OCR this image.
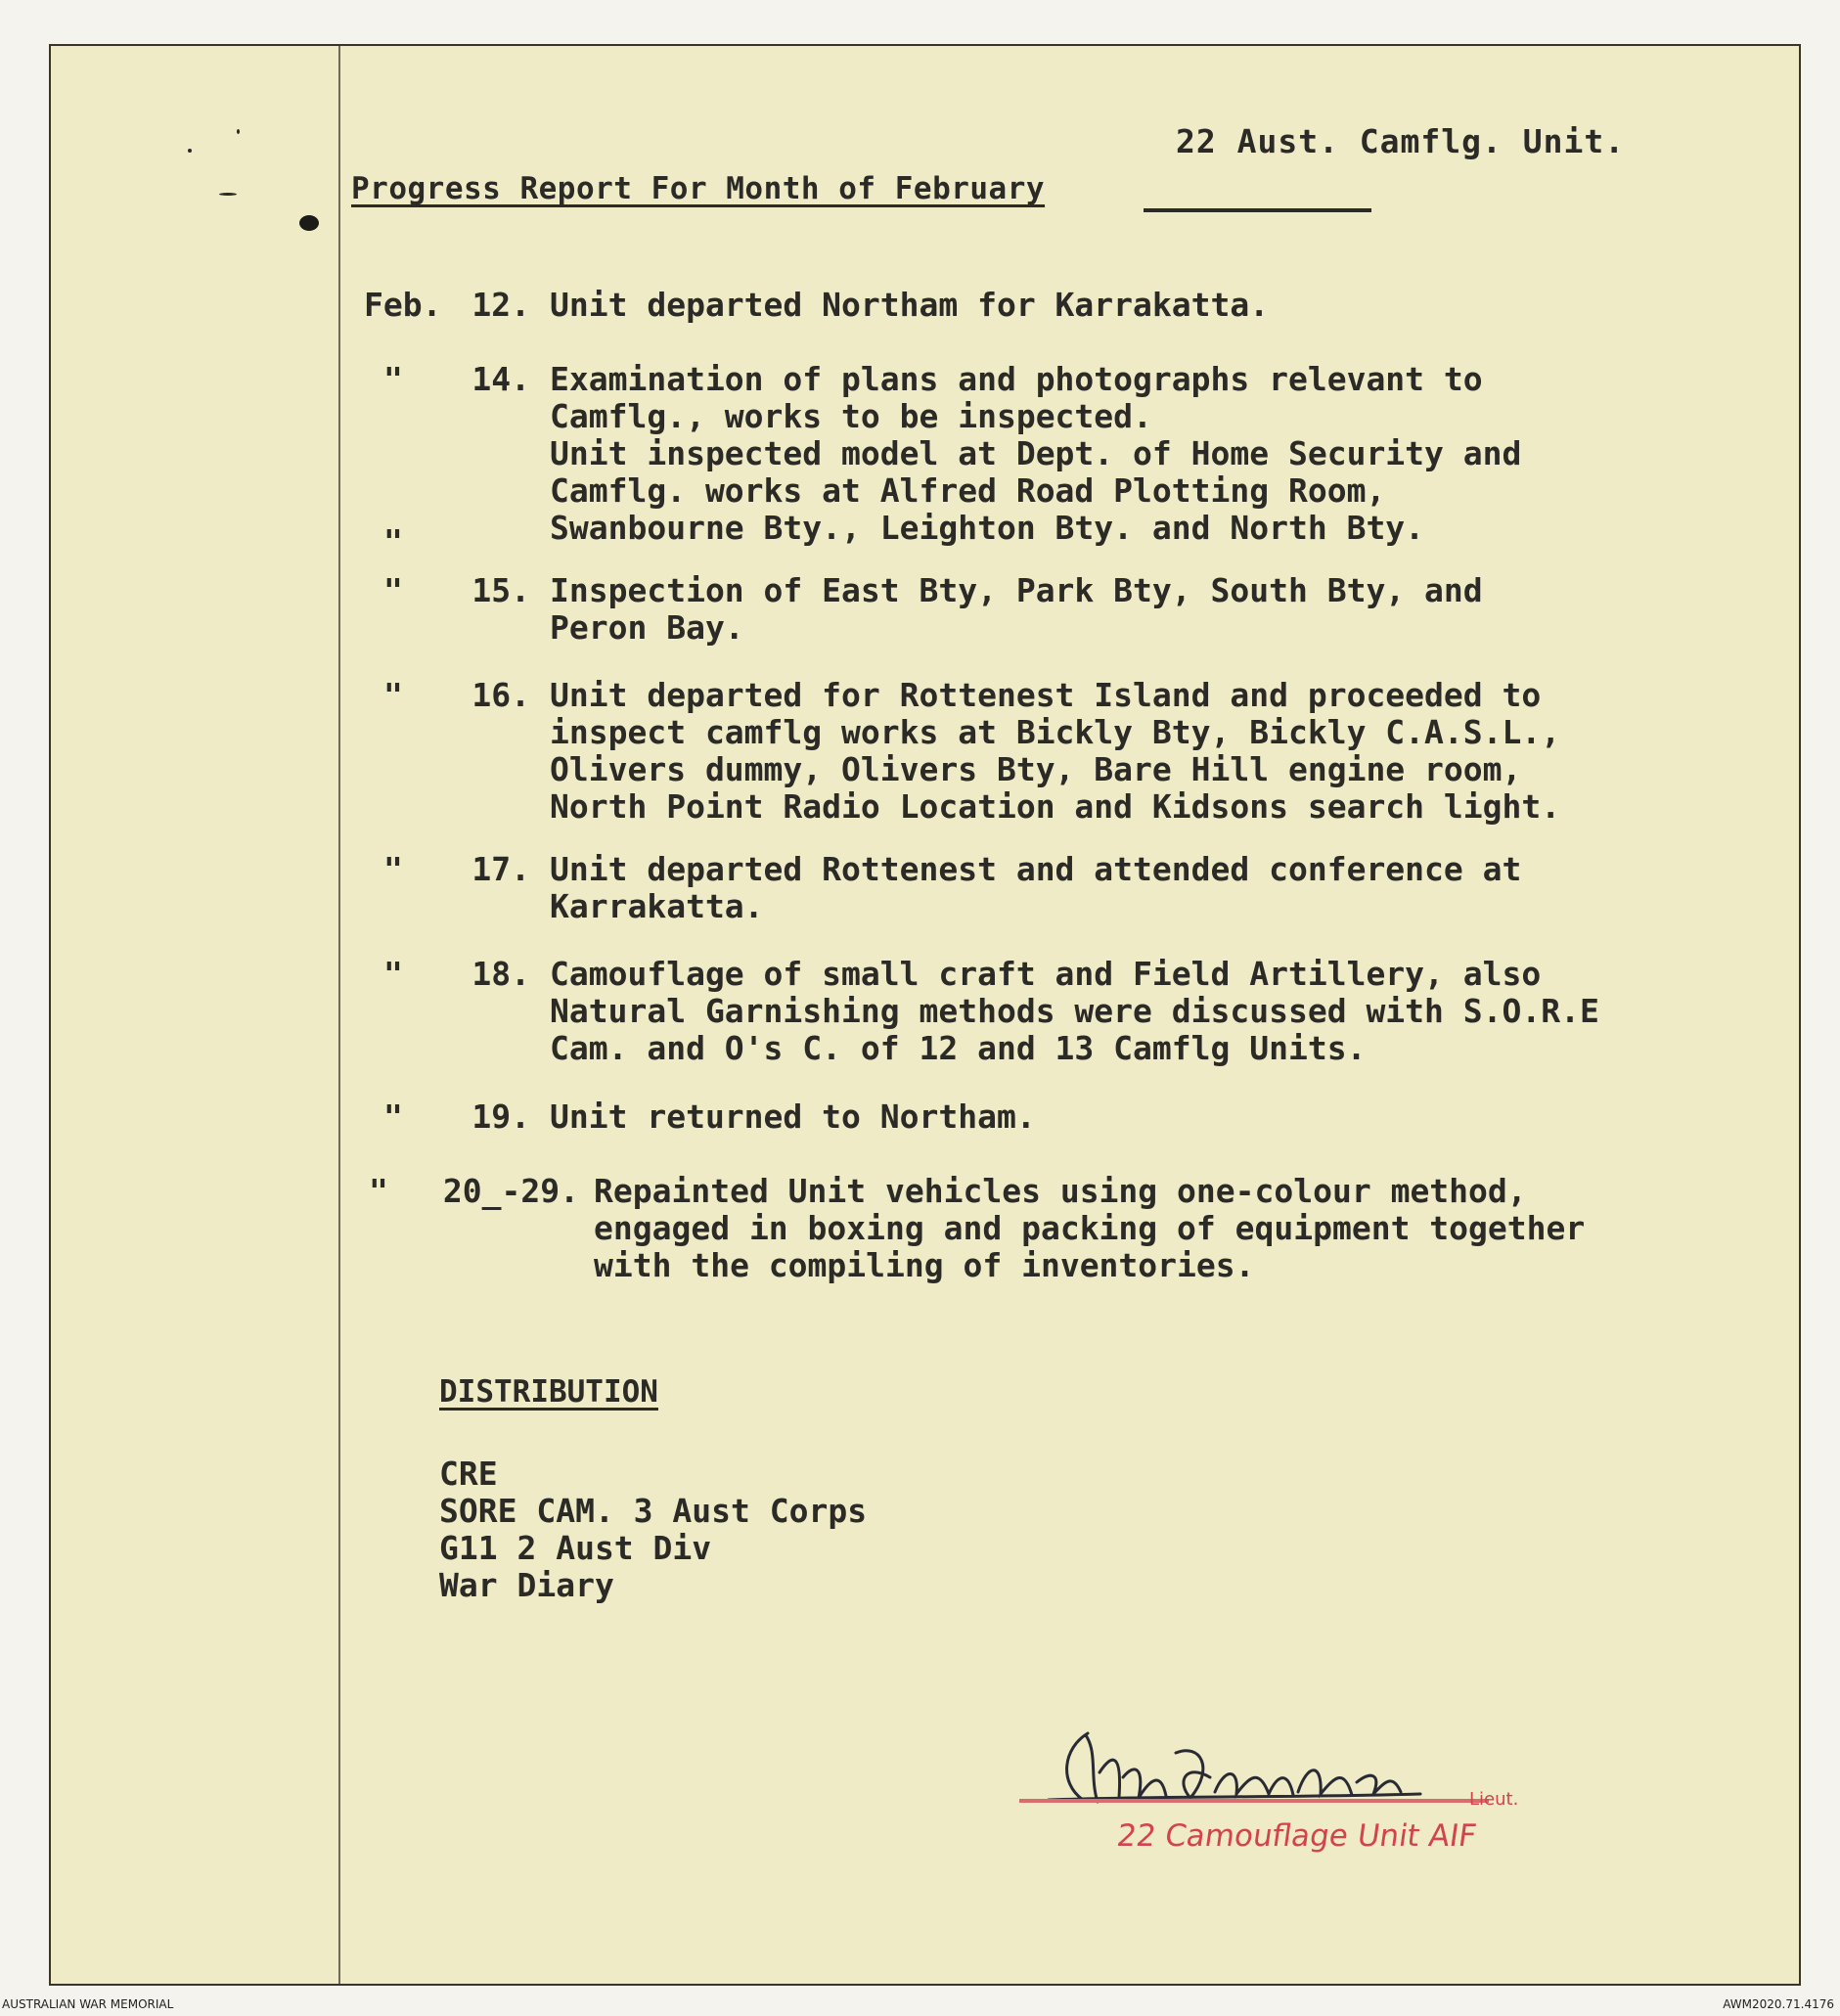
22 Aust. Camflg. Unit.
Progress Report For Month of February
Feb. 12. Unit departed Northam for Karrakatta.
"	14. Examination of plans and photographs relevant to
Camflg., works to be inspected.
Unit inspected model at Dept. of Home Security and
Camflg. works at Alfred Road Plotting Room,
Swanbourne Bty., Leighton Bty. and North Bty.
"
"	15. Inspection of East Bty, Park Bty, South Bty, and
Peron Bay.
"	16. Unit departed for Rottenest Island and proceeded to
inspect camflg works at Bickly Bty, Bickly C.A.S.L.,
Olivers dummy, Olivers Bty, Bare Hill engine room,
North Point Radio Location and Kidsons search light.
"	17. Unit departed Rottenest and attended conference at
Karrakatta.
"	18. Camouflage of small craft and Field Artillery, also
Natural Garnishing methods were discussed with S.O.R.E
Cam. and O's C. of 12 and 13 Camflg Units.
"	19. Unit returned to Northam.
"	20_-29. Repainted Unit vehicles using one-colour method,
engaged in boxing and packing of equipment together
with the compiling of inventories.
DISTRIBUTION
CRE
SORE CAM. 3 Aust Corps
G11 2 Aust Div
War Diary
Lieut.
22 Camouflage Unit AIF
AUSTRALIAN WAR MEMORIAL	AWM2020.71.4176
